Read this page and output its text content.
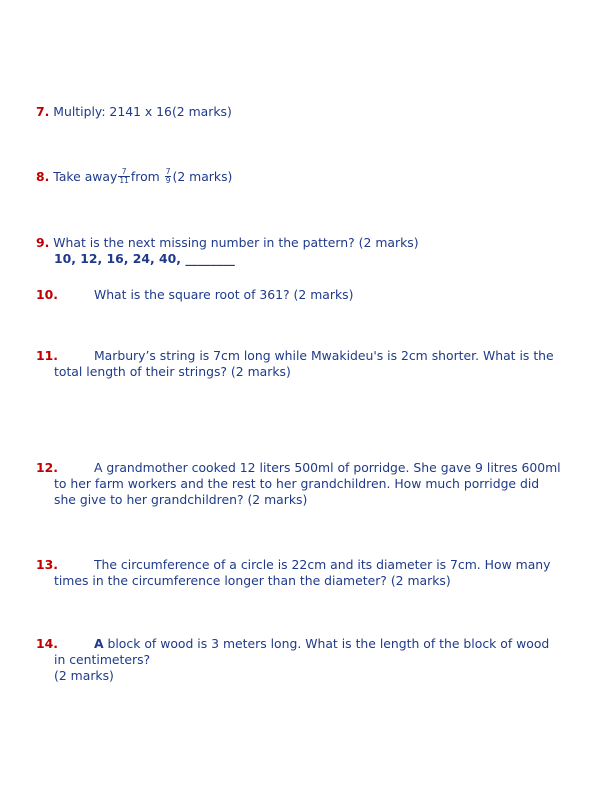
7. Multiply: 2141 x 16(2 marks)
8. Take away $\frac{7}{11}$ from $\frac{7}{9} (2$ marks)
9. What is the next missing number in the pattern? (2 marks)
10, 12, 16, 24, 40, ________
10.	What is the square root of 361? (2 marks)
11.	Marbury’s string is 7cm long while Mwakideu's is 2cm shorter. What is the
total length of their strings? (2 marks)
12.	A grandmother cooked 12 liters 500ml of porridge. She gave 9 litres 600ml
to her farm workers and the rest to her grandchildren. How much porridge did
she give to her grandchildren? (2 marks)
13.	The circumference of a circle is 22cm and its diameter is 7cm. How many
times in the circumference longer than the diameter? (2 marks)
14.	A block of wood is 3 meters long. What is the length of the block of wood
in centimeters?
(2 marks)
